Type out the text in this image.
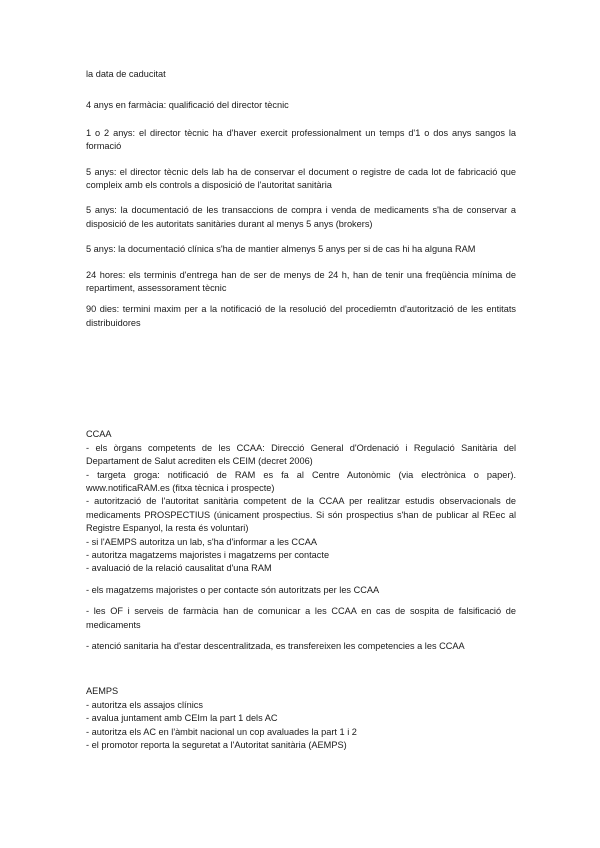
la data de caducitat

4 anys en farmàcia: qualificació del director tècnic

1 o 2 anys: el director tècnic ha d'haver exercit professionalment un temps d'1 o dos anys sangos la formació

5 anys: el director tècnic dels lab ha de conservar el document o registre de cada lot de fabricació que compleix amb els controls a disposició de l'autoritat sanitària

5 anys: la documentació de les transaccions de compra i venda de medicaments s'ha de conservar a disposició de les autoritats sanitàries durant al menys 5 anys (brokers)

5 anys: la documentació clínica s'ha de mantier almenys 5 anys per si de cas hi ha alguna RAM

24 hores: els terminis d'entrega han de ser de menys de 24 h, han de tenir una freqüència mínima de repartiment, assessorament tècnic

90 dies: termini maxim per a la notificació de la resolució del procediemtn d'autorització de les entitats distribuidores

CCAA

- els òrgans competents de les CCAA: Direcció General d'Ordenació i Regulació Sanitària del Departament de Salut acrediten els CEIM (decret 2006)

- targeta groga: notificació de RAM es fa al Centre Autonòmic (via electrònica o paper). www.notificaRAM.es (fitxa tècnica i prospecte)

- autorització de l'autoritat sanitària competent de la CCAA per realitzar estudis observacionals de medicaments PROSPECTIUS (únicament prospectius. Si són prospectius s'han de publicar al REec al Registre Espanyol, la resta és voluntari)

- si l'AEMPS autoritza un lab, s'ha d'informar a les CCAA

- autoritza magatzems majoristes i magatzems per contacte

- avaluació de la relació causalitat d'una RAM

- els magatzems majoristes o per contacte són autoritzats per les CCAA

- les OF i serveis de farmàcia han de comunicar a les CCAA en cas de sospita de falsificació de medicaments

- atenció sanitaria ha d'estar descentralitzada, es transfereixen les competencies a les CCAA

AEMPS

- autoritza els assajos clínics

- avalua juntament amb CEIm la part 1 dels AC

- autoritza els AC en l'àmbit nacional un cop avaluades la part 1 i 2

- el promotor reporta la seguretat a l'Autoritat sanitària (AEMPS)
